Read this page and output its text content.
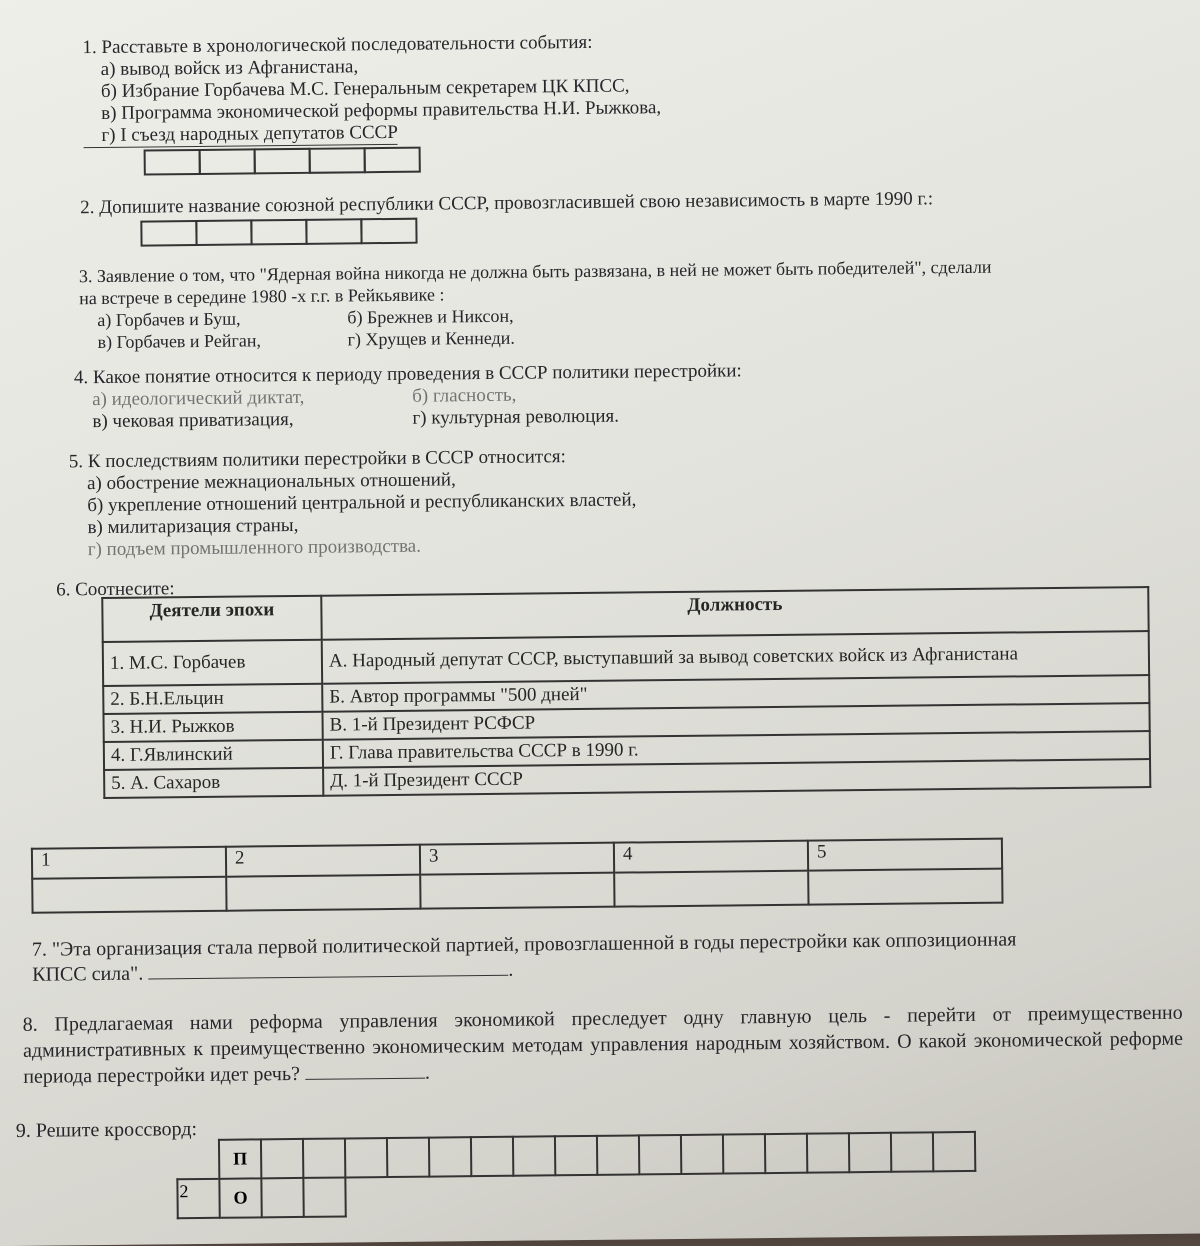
1. Расставьте в хронологической последовательности события:
а) вывод войск из Афганистана,
б) Избрание Горбачева М.С. Генеральным секретарем ЦК КПСС,
в) Программа экономической реформы правительства Н.И. Рыжкова,
г) I съезд народных депутатов СССР
2. Допишите название союзной республики СССР, провозгласившей свою независимость в марте 1990 г.:
3. Заявление о том, что "Ядерная война никогда не должна быть развязана, в ней не может быть победителей", сделали
на встрече в середине 1980 -х г.г. в Рейкьявике :
а) Горбачев и Буш,	б) Брежнев и Никсон,
в) Горбачев и Рейган,	г) Хрущев и Кеннеди.
4. Какое понятие относится к периоду проведения в СССР политики перестройки:
а) идеологический диктат,	б) гласность,
в) чековая приватизация,	г) культурная революция.
5. К последствиям политики перестройки в СССР относится:
а) обострение межнациональных отношений,
б) укрепление отношений центральной и республиканских властей,
в) милитаризация страны,
г) подъем промышленного производства.
6. Соотнесите:
Деятели эпохи	Должность
1. М.С. Горбачев	А. Народный депутат СССР, выступавший за вывод советских войск из Афганистана
2. Б.Н.Ельцин	Б. Автор программы "500 дней"
3. Н.И. Рыжков	В. 1-й Президент РСФСР
4. Г.Явлинский	Г. Глава правительства СССР в 1990 г.
5. А. Сахаров	Д. 1-й Президент СССР
1	2	3	4	5

7. "Эта организация стала первой политической партией, провозглашенной в годы перестройки как оппозиционная
КПСС сила".	.
8. Предлагаемая нами реформа управления экономикой преследует одну главную цель - перейти от преимущественно административных к преимущественно экономическим методам управления народным хозяйством. О какой экономической реформе периода перестройки идет речь?	.
9. Решите кроссворд:
		П																	
	2	О																	
